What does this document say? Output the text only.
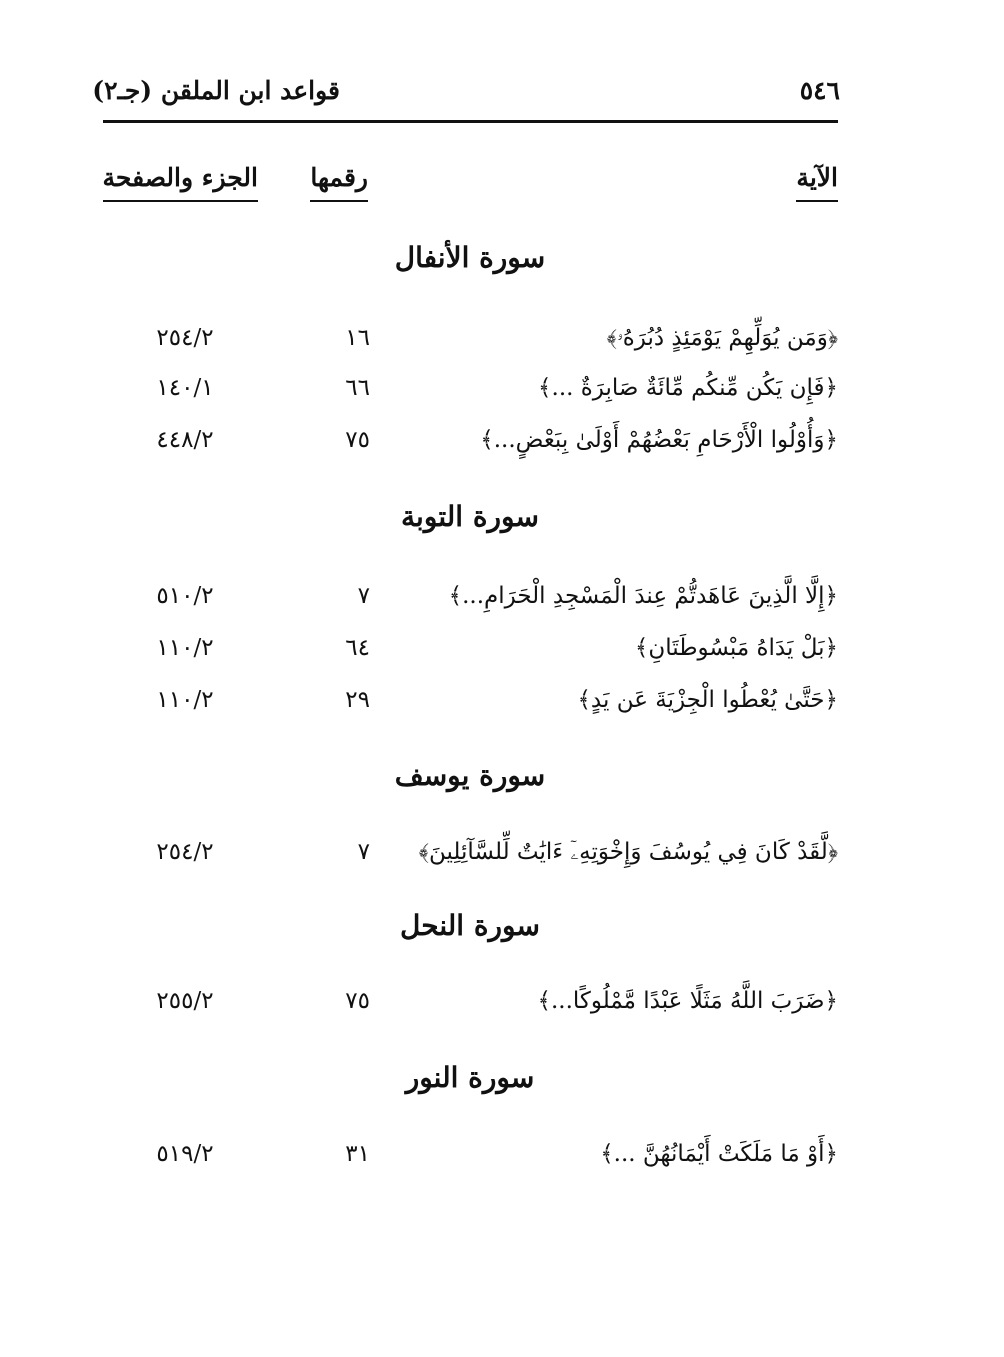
٥٤٦
قواعد ابن الملقن (جـ٢)
الآية
رقمها
الجزء والصفحة
سورة الأنفال
﴿وَمَن يُوَلِّهِمْ يَوْمَئِذٍ دُبُرَهُۥ﴾
١٦
٢٥٤/٢
﴿فَإِن يَكُن مِّنكُم مِّائَةٌ صَابِرَةٌ ...﴾
٦٦
١٤٠/١
﴿وَأُوْلُوا الْأَرْحَامِ بَعْضُهُمْ أَوْلَىٰ بِبَعْضٍ...﴾
٧٥
٤٤٨/٢
سورة التوبة
﴿إِلَّا الَّذِينَ عَاهَدتُّمْ عِندَ الْمَسْجِدِ الْحَرَامِ...﴾
٧
٥١٠/٢
﴿بَلْ يَدَاهُ مَبْسُوطَتَانِ﴾
٦٤
١١٠/٢
﴿حَتَّىٰ يُعْطُوا الْجِزْيَةَ عَن يَدٍ﴾
٢٩
١١٠/٢
سورة يوسف
﴿لَّقَدْ كَانَ فِي يُوسُفَ وَإِخْوَتِهِۦٓ ءَايَٰتٌ لِّلسَّآئِلِينَ﴾
٧
٢٥٤/٢
سورة النحل
﴿ضَرَبَ اللَّهُ مَثَلًا عَبْدًا مَّمْلُوكًا...﴾
٧٥
٢٥٥/٢
سورة النور
﴿أَوْ مَا مَلَكَتْ أَيْمَانُهُنَّ ...﴾
٣١
٥١٩/٢
